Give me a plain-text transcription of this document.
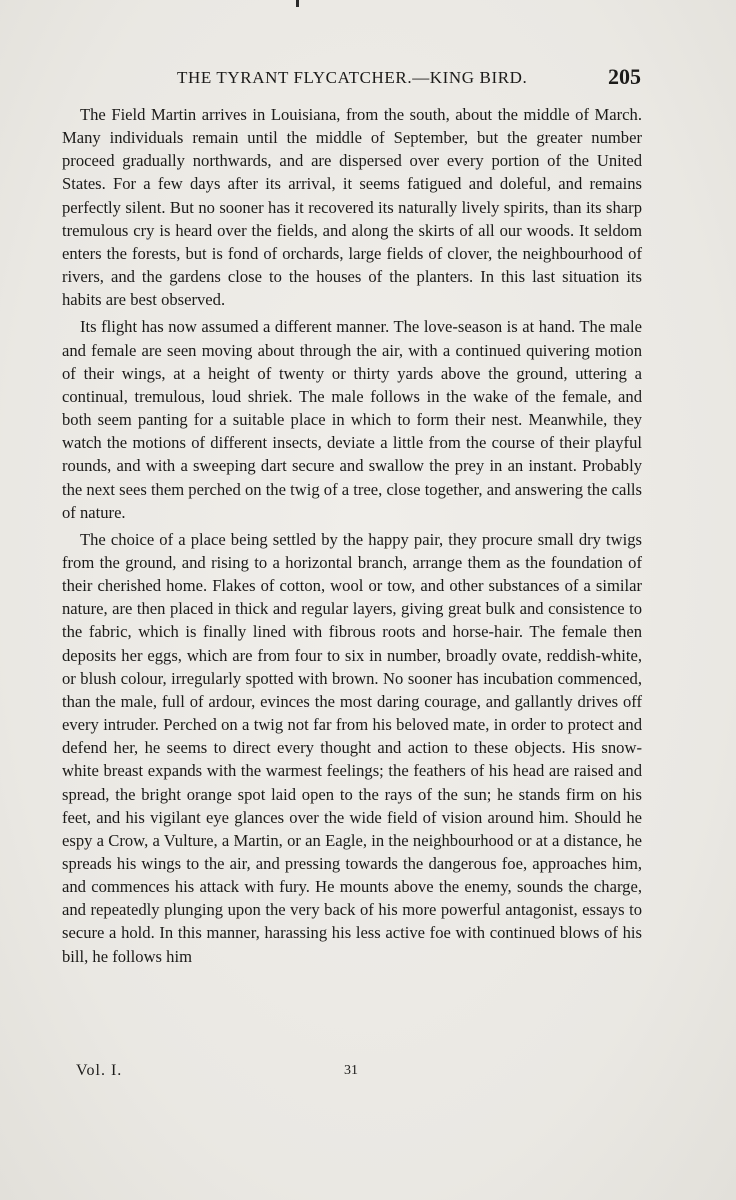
THE TYRANT FLYCATCHER.—KING BIRD.	205

The Field Martin arrives in Louisiana, from the south, about the middle of March. Many individuals remain until the middle of September, but the greater number proceed gradually northwards, and are dispersed over every portion of the United States. For a few days after its arrival, it seems fatigued and doleful, and remains perfectly silent. But no sooner has it recovered its naturally lively spirits, than its sharp tremulous cry is heard over the fields, and along the skirts of all our woods. It seldom enters the forests, but is fond of orchards, large fields of clover, the neighbourhood of rivers, and the gardens close to the houses of the planters. In this last situation its habits are best observed.

Its flight has now assumed a different manner. The love-season is at hand. The male and female are seen moving about through the air, with a continued quivering motion of their wings, at a height of twenty or thirty yards above the ground, uttering a continual, tremulous, loud shriek. The male follows in the wake of the female, and both seem panting for a suitable place in which to form their nest. Meanwhile, they watch the motions of different insects, deviate a little from the course of their playful rounds, and with a sweeping dart secure and swallow the prey in an instant. Probably the next sees them perched on the twig of a tree, close together, and answering the calls of nature.

The choice of a place being settled by the happy pair, they procure small dry twigs from the ground, and rising to a horizontal branch, arrange them as the foundation of their cherished home. Flakes of cotton, wool or tow, and other substances of a similar nature, are then placed in thick and regular layers, giving great bulk and consistence to the fabric, which is finally lined with fibrous roots and horse-hair. The female then deposits her eggs, which are from four to six in number, broadly ovate, reddish-white, or blush colour, irregularly spotted with brown. No sooner has incubation commenced, than the male, full of ardour, evinces the most daring courage, and gallantly drives off every intruder. Perched on a twig not far from his beloved mate, in order to protect and defend her, he seems to direct every thought and action to these objects. His snow-white breast expands with the warmest feelings; the feathers of his head are raised and spread, the bright orange spot laid open to the rays of the sun; he stands firm on his feet, and his vigilant eye glances over the wide field of vision around him. Should he espy a Crow, a Vulture, a Martin, or an Eagle, in the neighbourhood or at a distance, he spreads his wings to the air, and pressing towards the dangerous foe, approaches him, and commences his attack with fury. He mounts above the enemy, sounds the charge, and repeatedly plunging upon the very back of his more powerful antagonist, essays to secure a hold. In this manner, harassing his less active foe with continued blows of his bill, he follows him

Vol. I.	31
